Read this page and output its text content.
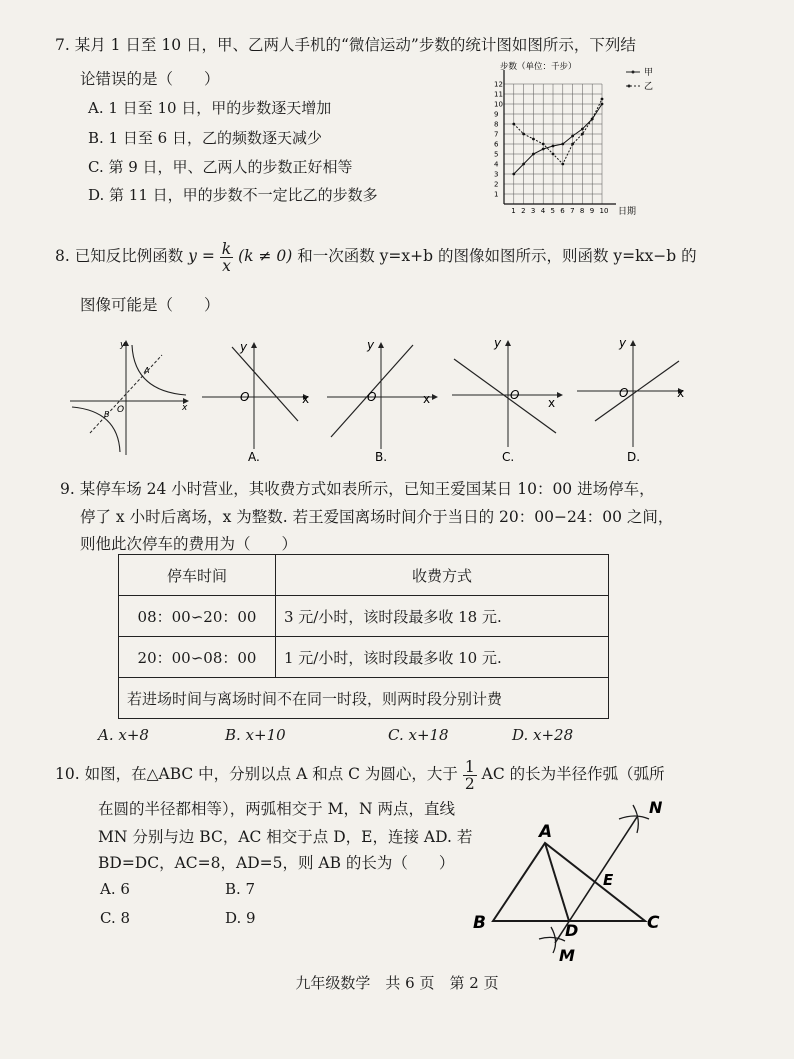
7. 某月 1 日至 10 日，甲、乙两人手机的“微信运动”步数的统计图如图所示，下列结
论错误的是（　　）
A. 1 日至 10 日，甲的步数逐天增加
B. 1 日至 6 日，乙的频数逐天减少
C. 第 9 日，甲、乙两人的步数正好相等
D. 第 11 日，甲的步数不一定比乙的步数多
1 2 3 4 5 6 7 8 9 10
1
2
3
4
5
6
7
8
9
10
11
12
步数（单位：千步）
日期
甲
乙
8. 已知反比例函数 $y = \frac{k}{x} (k \ne 0)$ 和一次函数 y=x+b 的图像如图所示，则函数 y=kx−b 的
图像可能是（　　）
y
O	x
A
B
y
O	x
A.
y
O	x
B.
y
O
x
C.
y
O	x
D.
9. 某停车场 24 小时营业，其收费方式如表所示，已知王爱国某日 10：00 进场停车，
停了 x 小时后离场，x 为整数. 若王爱国离场时间介于当日的 20：00−24：00 之间，
则他此次停车的费用为（　　）
停车时间	收费方式
08：00∽20：00	3 元/小时，该时段最多收 18 元.
20：00∽08：00	1 元/小时，该时段最多收 10 元.
若进场时间与离场时间不在同一时段，则两时段分别计费	
A. x+8	B. x+10	C. x+18	D. x+28
10. 如图，在△ABC 中，分别以点 A 和点 C 为圆心，大于 $\frac{1}{2}$ AC 的长为半径作弧（弧所
在圆的半径都相等），两弧相交于 M，N 两点，直线
MN 分别与边 BC，AC 相交于点 D，E，连接 AD. 若
BD=DC，AC=8，AD=5，则 AB 的长为（　　）
A. 6	B. 7
C. 8	D. 9
A
B	C
D
E
M
N
九年级数学　共 6 页　第 2 页
